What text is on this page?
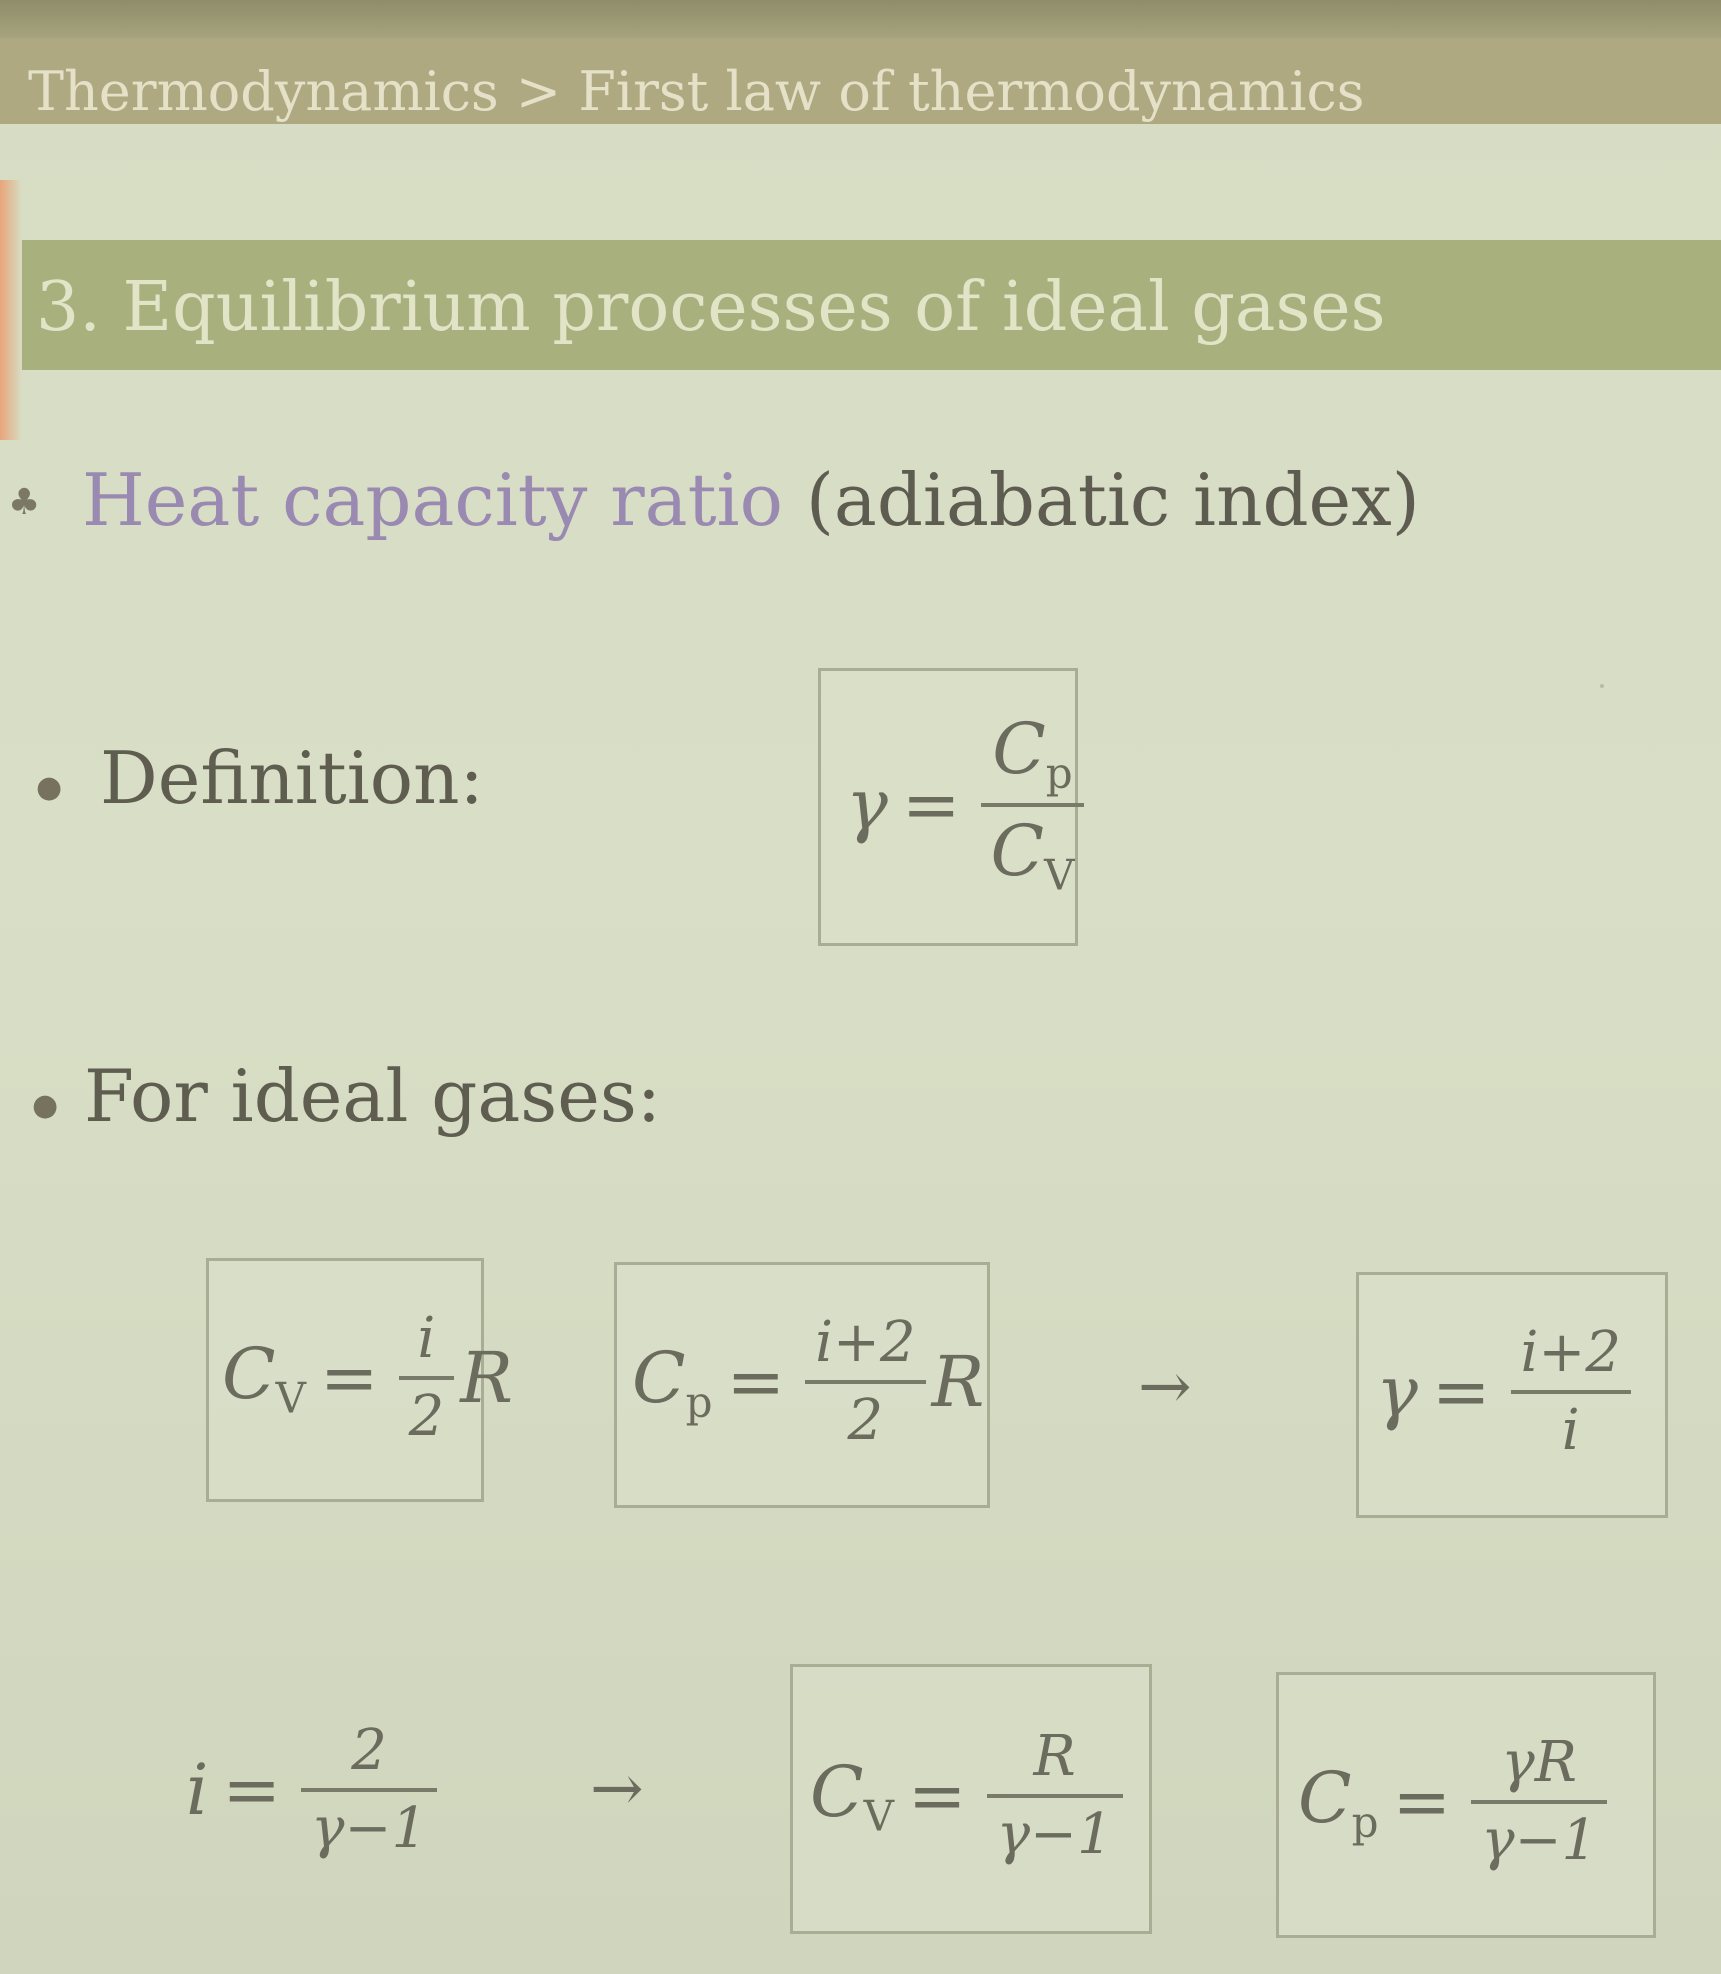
Thermodynamics > First law of thermodynamics
3. Equilibrium processes of ideal gases
♣ Heat capacity ratio (adiabatic index)
● Definition:	$\gamma = \frac{C_p}{C_V}$
● For ideal gases:
$C_V = \frac{i}{2}$ R $C_p = \frac{i+2}{2}$ R →	$\gamma = \frac{i+2}{i}$
$i = \frac{2}{\gamma-1} \to C_V = \frac{R}{\gamma-1}$	$C_p = \frac{\gamma R}{\gamma-1}$
